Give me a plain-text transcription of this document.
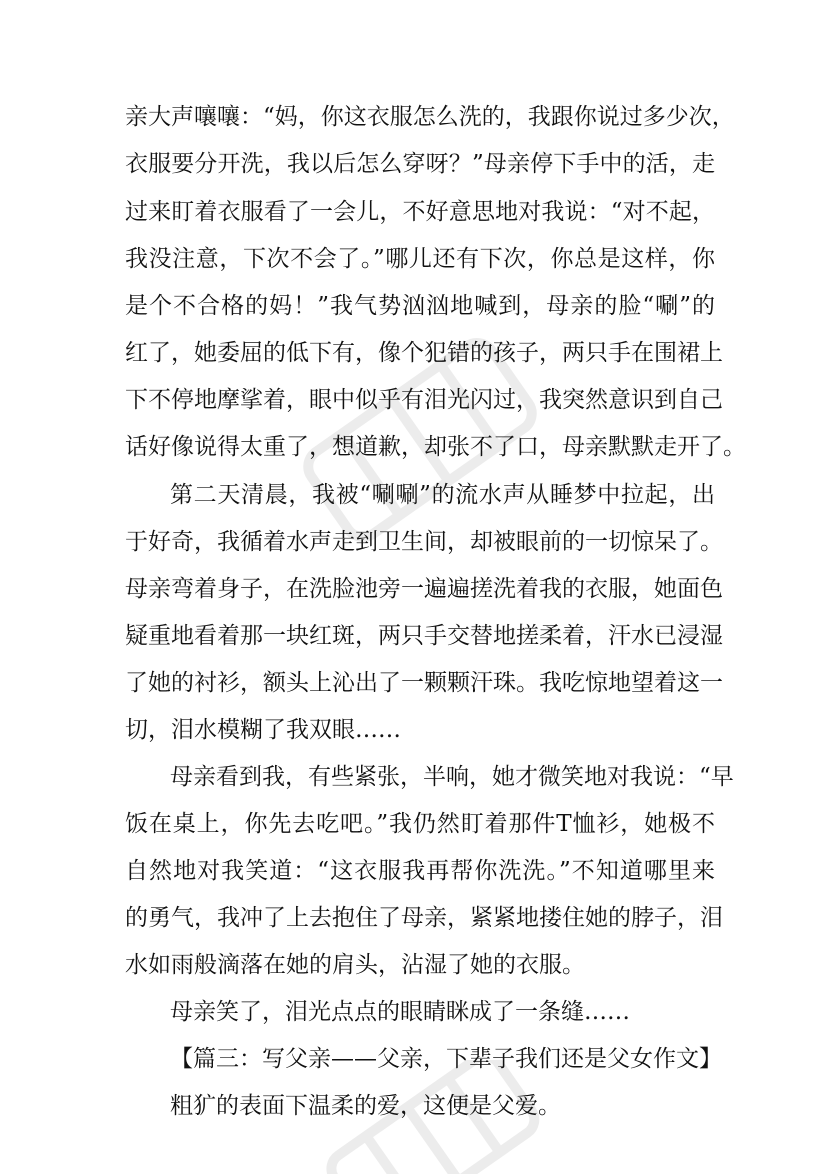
亲大声嚷嚷：“妈，你这衣服怎么洗的，我跟你说过多少次，
衣服要分开洗，我以后怎么穿呀？”母亲停下手中的活，走
过来盯着衣服看了一会儿，不好意思地对我说：“对不起，
我没注意，下次不会了。”哪儿还有下次，你总是这样，你
是个不合格的妈！”我气势汹汹地喊到，母亲的脸“唰”的
红了，她委屈的低下有，像个犯错的孩子，两只手在围裙上
下不停地摩挲着，眼中似乎有泪光闪过，我突然意识到自己
话好像说得太重了，想道歉，却张不了口，母亲默默走开了。
第二天清晨，我被“唰唰”的流水声从睡梦中拉起，出
于好奇，我循着水声走到卫生间，却被眼前的一切惊呆了。
母亲弯着身子，在洗脸池旁一遍遍搓洗着我的衣服，她面色
疑重地看着那一块红斑，两只手交替地搓柔着，汗水已浸湿
了她的衬衫，额头上沁出了一颗颗汗珠。我吃惊地望着这一
切，泪水模糊了我双眼……
母亲看到我，有些紧张，半响，她才微笑地对我说：“早
饭在桌上，你先去吃吧。”我仍然盯着那件T恤衫，她极不
自然地对我笑道：“这衣服我再帮你洗洗。”不知道哪里来
的勇气，我冲了上去抱住了母亲，紧紧地搂住她的脖子，泪
水如雨般滴落在她的肩头，沾湿了她的衣服。
母亲笑了，泪光点点的眼睛眯成了一条缝……
【篇三：写父亲——父亲，下辈子我们还是父女作文】
粗犷的表面下温柔的爱，这便是父爱。
